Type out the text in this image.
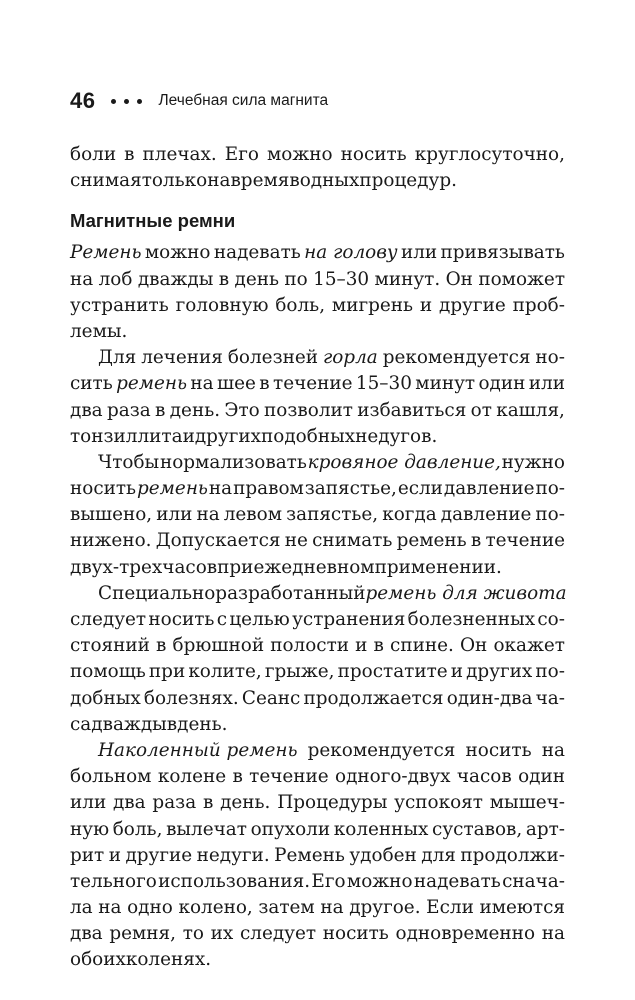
46	Лечебная сила магнита
боли в плечах. Его можно носить круглосуточно,
снимая только на время водных процедур.
Магнитные ремни
Ремень можно надевать на голову или привязывать
на лоб дважды в день по 15–30 минут. Он поможет
устранить головную боль, мигрень и другие проб-
лемы.
Для лечения болезней горла рекомендуется но-
сить ремень на шее в течение 15–30 минут один или
два раза в день. Это позволит избавиться от кашля,
тонзиллита и других подобных недугов.
Чтобы нормализовать кровяное давление, нужно
носить ремень на правом запястье, если давление по-
вышено, или на левом запястье, когда давление по-
нижено. Допускается не снимать ремень в течение
двух-трех часов при ежедневном применении.
Специально разработанный ремень для живота
следует носить с целью устранения болезненных со-
стояний в брюшной полости и в спине. Он окажет
помощь при колите, грыже, простатите и других по-
добных болезнях. Сеанс продолжается один-два ча-
са дважды в день.
Наколенный ремень рекомендуется носить на
больном колене в течение одного-двух часов один
или два раза в день. Процедуры успокоят мышеч-
ную боль, вылечат опухоли коленных суставов, арт-
рит и другие недуги. Ремень удобен для продолжи-
тельного использования. Его можно надевать снача-
ла на одно колено, затем на другое. Если имеются
два ремня, то их следует носить одновременно на
обоих коленях.
